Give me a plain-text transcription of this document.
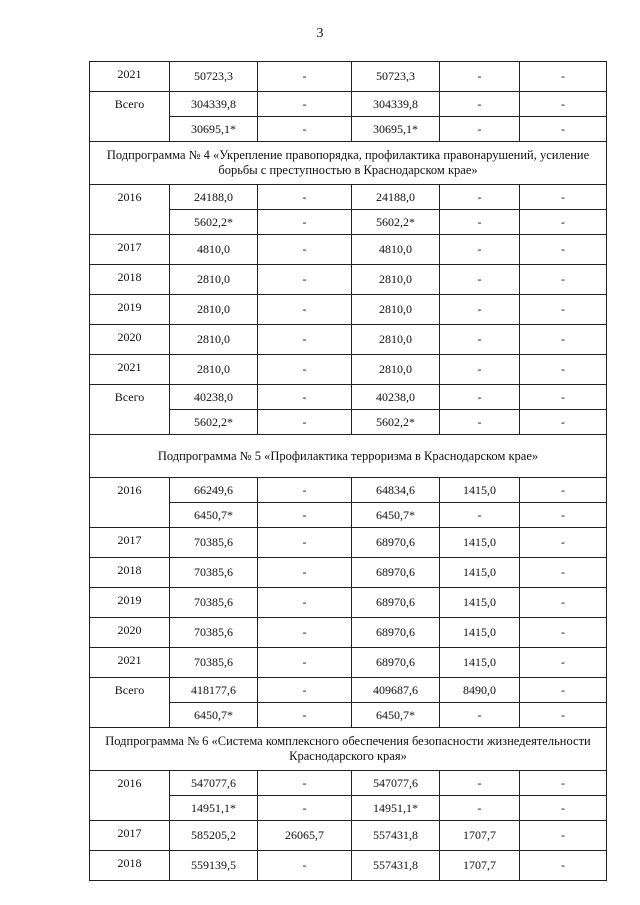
3
2021	50723,3	-	50723,3	-	-
Всего	304339,8	-	304339,8	-	-
	30695,1*	-	30695,1*	-	-
Подпрограмма № 4 «Укрепление правопорядка, профилактика правонарушений, усиление борьбы с преступностью в Краснодарском крае»					
2016	24188,0	-	24188,0	-	-
	5602,2*	-	5602,2*	-	-
2017	4810,0	-	4810,0	-	-
2018	2810,0	-	2810,0	-	-
2019	2810,0	-	2810,0	-	-
2020	2810,0	-	2810,0	-	-
2021	2810,0	-	2810,0	-	-
Всего	40238,0	-	40238,0	-	-
	5602,2*	-	5602,2*	-	-
Подпрограмма № 5 «Профилактика терроризма в Краснодарском крае»					
2016	66249,6	-	64834,6	1415,0	-
	6450,7*	-	6450,7*	-	-
2017	70385,6	-	68970,6	1415,0	-
2018	70385,6	-	68970,6	1415,0	-
2019	70385,6	-	68970,6	1415,0	-
2020	70385,6	-	68970,6	1415,0	-
2021	70385,6	-	68970,6	1415,0	-
Всего	418177,6	-	409687,6	8490,0	-
	6450,7*	-	6450,7*	-	-
Подпрограмма № 6 «Система комплексного обеспечения безопасности жизнедеятельности Краснодарского края»					
2016	547077,6	-	547077,6	-	-
	14951,1*	-	14951,1*	-	-
2017	585205,2	26065,7	557431,8	1707,7	-
2018	559139,5	-	557431,8	1707,7	-
